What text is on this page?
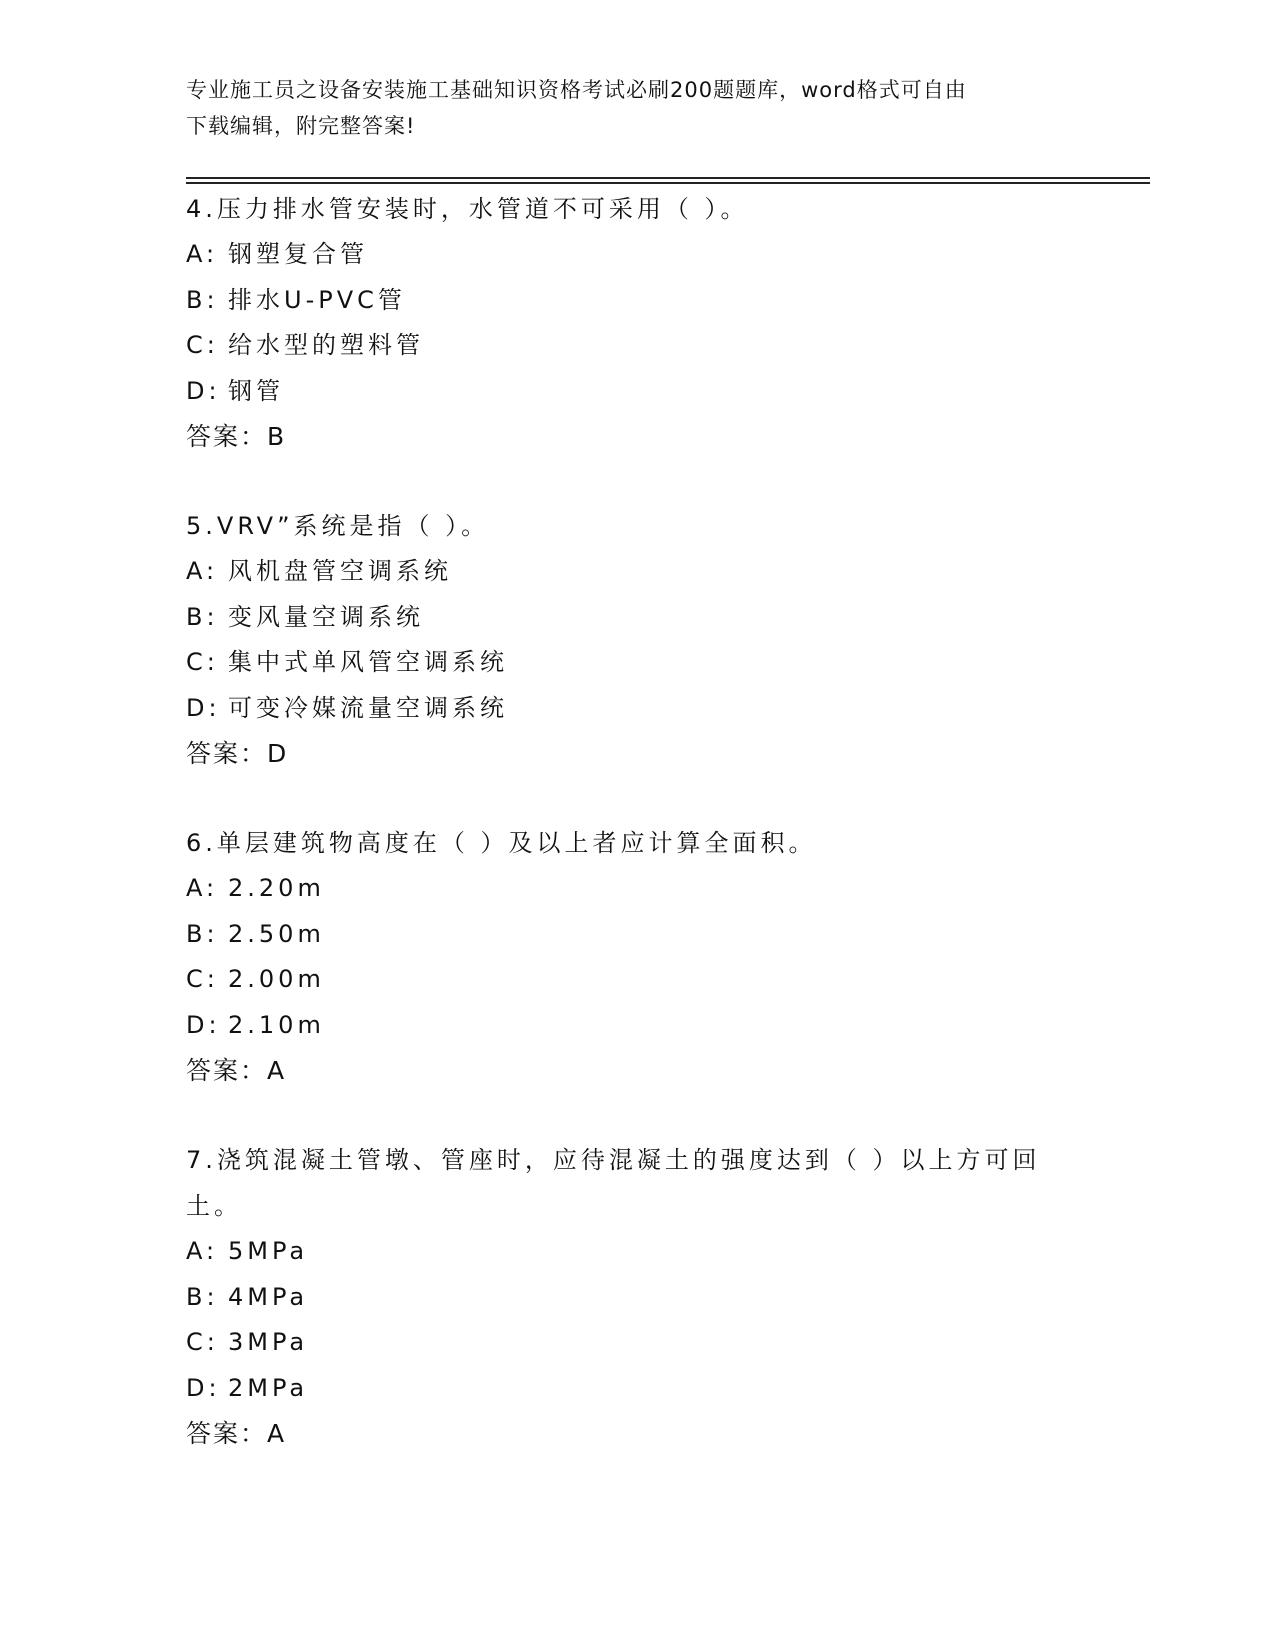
专业施工员之设备安装施工基础知识资格考试必刷200题题库，word格式可自由
下载编辑，附完整答案!

4.压力排水管安装时，水管道不可采用（ ）。

A: 钢塑复合管

B: 排水U-PVC管

C: 给水型的塑料管

D: 钢管

答案：B

5.VRV”系统是指（ ）。

A: 风机盘管空调系统

B: 变风量空调系统

C: 集中式单风管空调系统

D: 可变冷媒流量空调系统

答案：D

6.单层建筑物高度在（ ）及以上者应计算全面积。

A: 2.20m

B: 2.50m

C: 2.00m

D: 2.10m

答案：A

7.浇筑混凝土管墩、管座时，应待混凝土的强度达到（ ）以上方可回土。

A: 5MPa

B: 4MPa

C: 3MPa

D: 2MPa

答案：A
